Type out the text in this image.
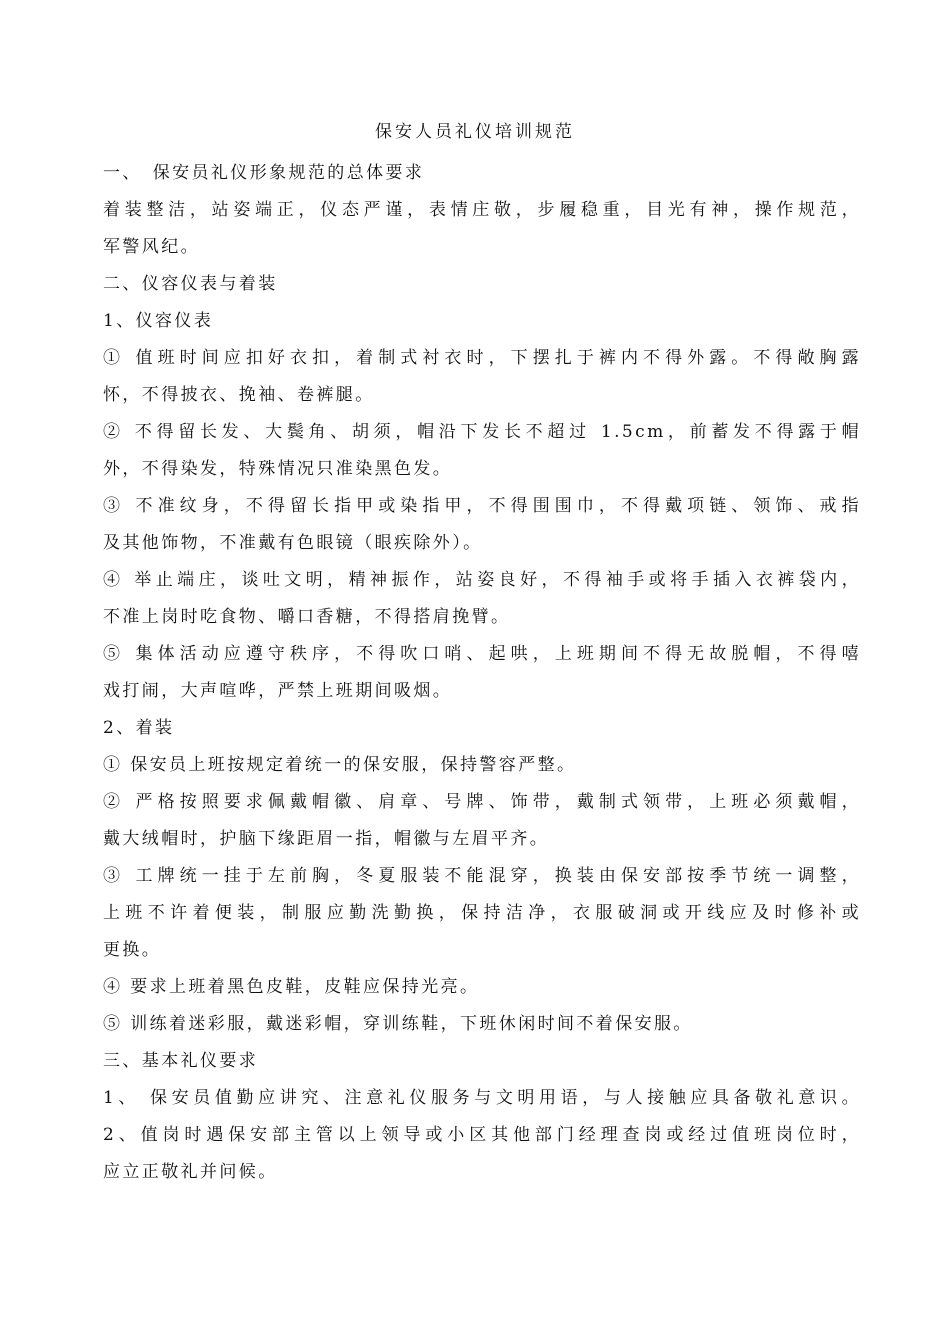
保安人员礼仪培训规范
一、　保安员礼仪形象规范的总体要求
着装整洁，站姿端正，仪态严谨，表情庄敬，步履稳重，目光有神，操作规范，
军警风纪。
二、仪容仪表与着装
1、仪容仪表
① 值班时间应扣好衣扣，着制式衬衣时，下摆扎于裤内不得外露。不得敞胸露
怀，不得披衣、挽袖、卷裤腿。
② 不得留长发、大鬓角、胡须，帽沿下发长不超过 1.5cm，前蓄发不得露于帽
外，不得染发，特殊情况只准染黑色发。
③ 不准纹身，不得留长指甲或染指甲，不得围围巾，不得戴项链、领饰、戒指
及其他饰物，不准戴有色眼镜（眼疾除外）。
④ 举止端庄，谈吐文明，精神振作，站姿良好，不得袖手或将手插入衣裤袋内，
不准上岗时吃食物、嚼口香糖，不得搭肩挽臂。
⑤ 集体活动应遵守秩序，不得吹口哨、起哄，上班期间不得无故脱帽，不得嘻
戏打闹，大声喧哗，严禁上班期间吸烟。
2、着装
① 保安员上班按规定着统一的保安服，保持警容严整。
② 严格按照要求佩戴帽徽、肩章、号牌、饰带，戴制式领带，上班必须戴帽，
戴大绒帽时，护脑下缘距眉一指，帽徽与左眉平齐。
③ 工牌统一挂于左前胸，冬夏服装不能混穿，换装由保安部按季节统一调整，
上班不许着便装，制服应勤洗勤换，保持洁净，衣服破洞或开线应及时修补或
更换。
④ 要求上班着黑色皮鞋，皮鞋应保持光亮。
⑤ 训练着迷彩服，戴迷彩帽，穿训练鞋，下班休闲时间不着保安服。
三、基本礼仪要求
1、 保安员值勤应讲究、注意礼仪服务与文明用语，与人接触应具备敬礼意识。
2、值岗时遇保安部主管以上领导或小区其他部门经理查岗或经过值班岗位时，
应立正敬礼并问候。
